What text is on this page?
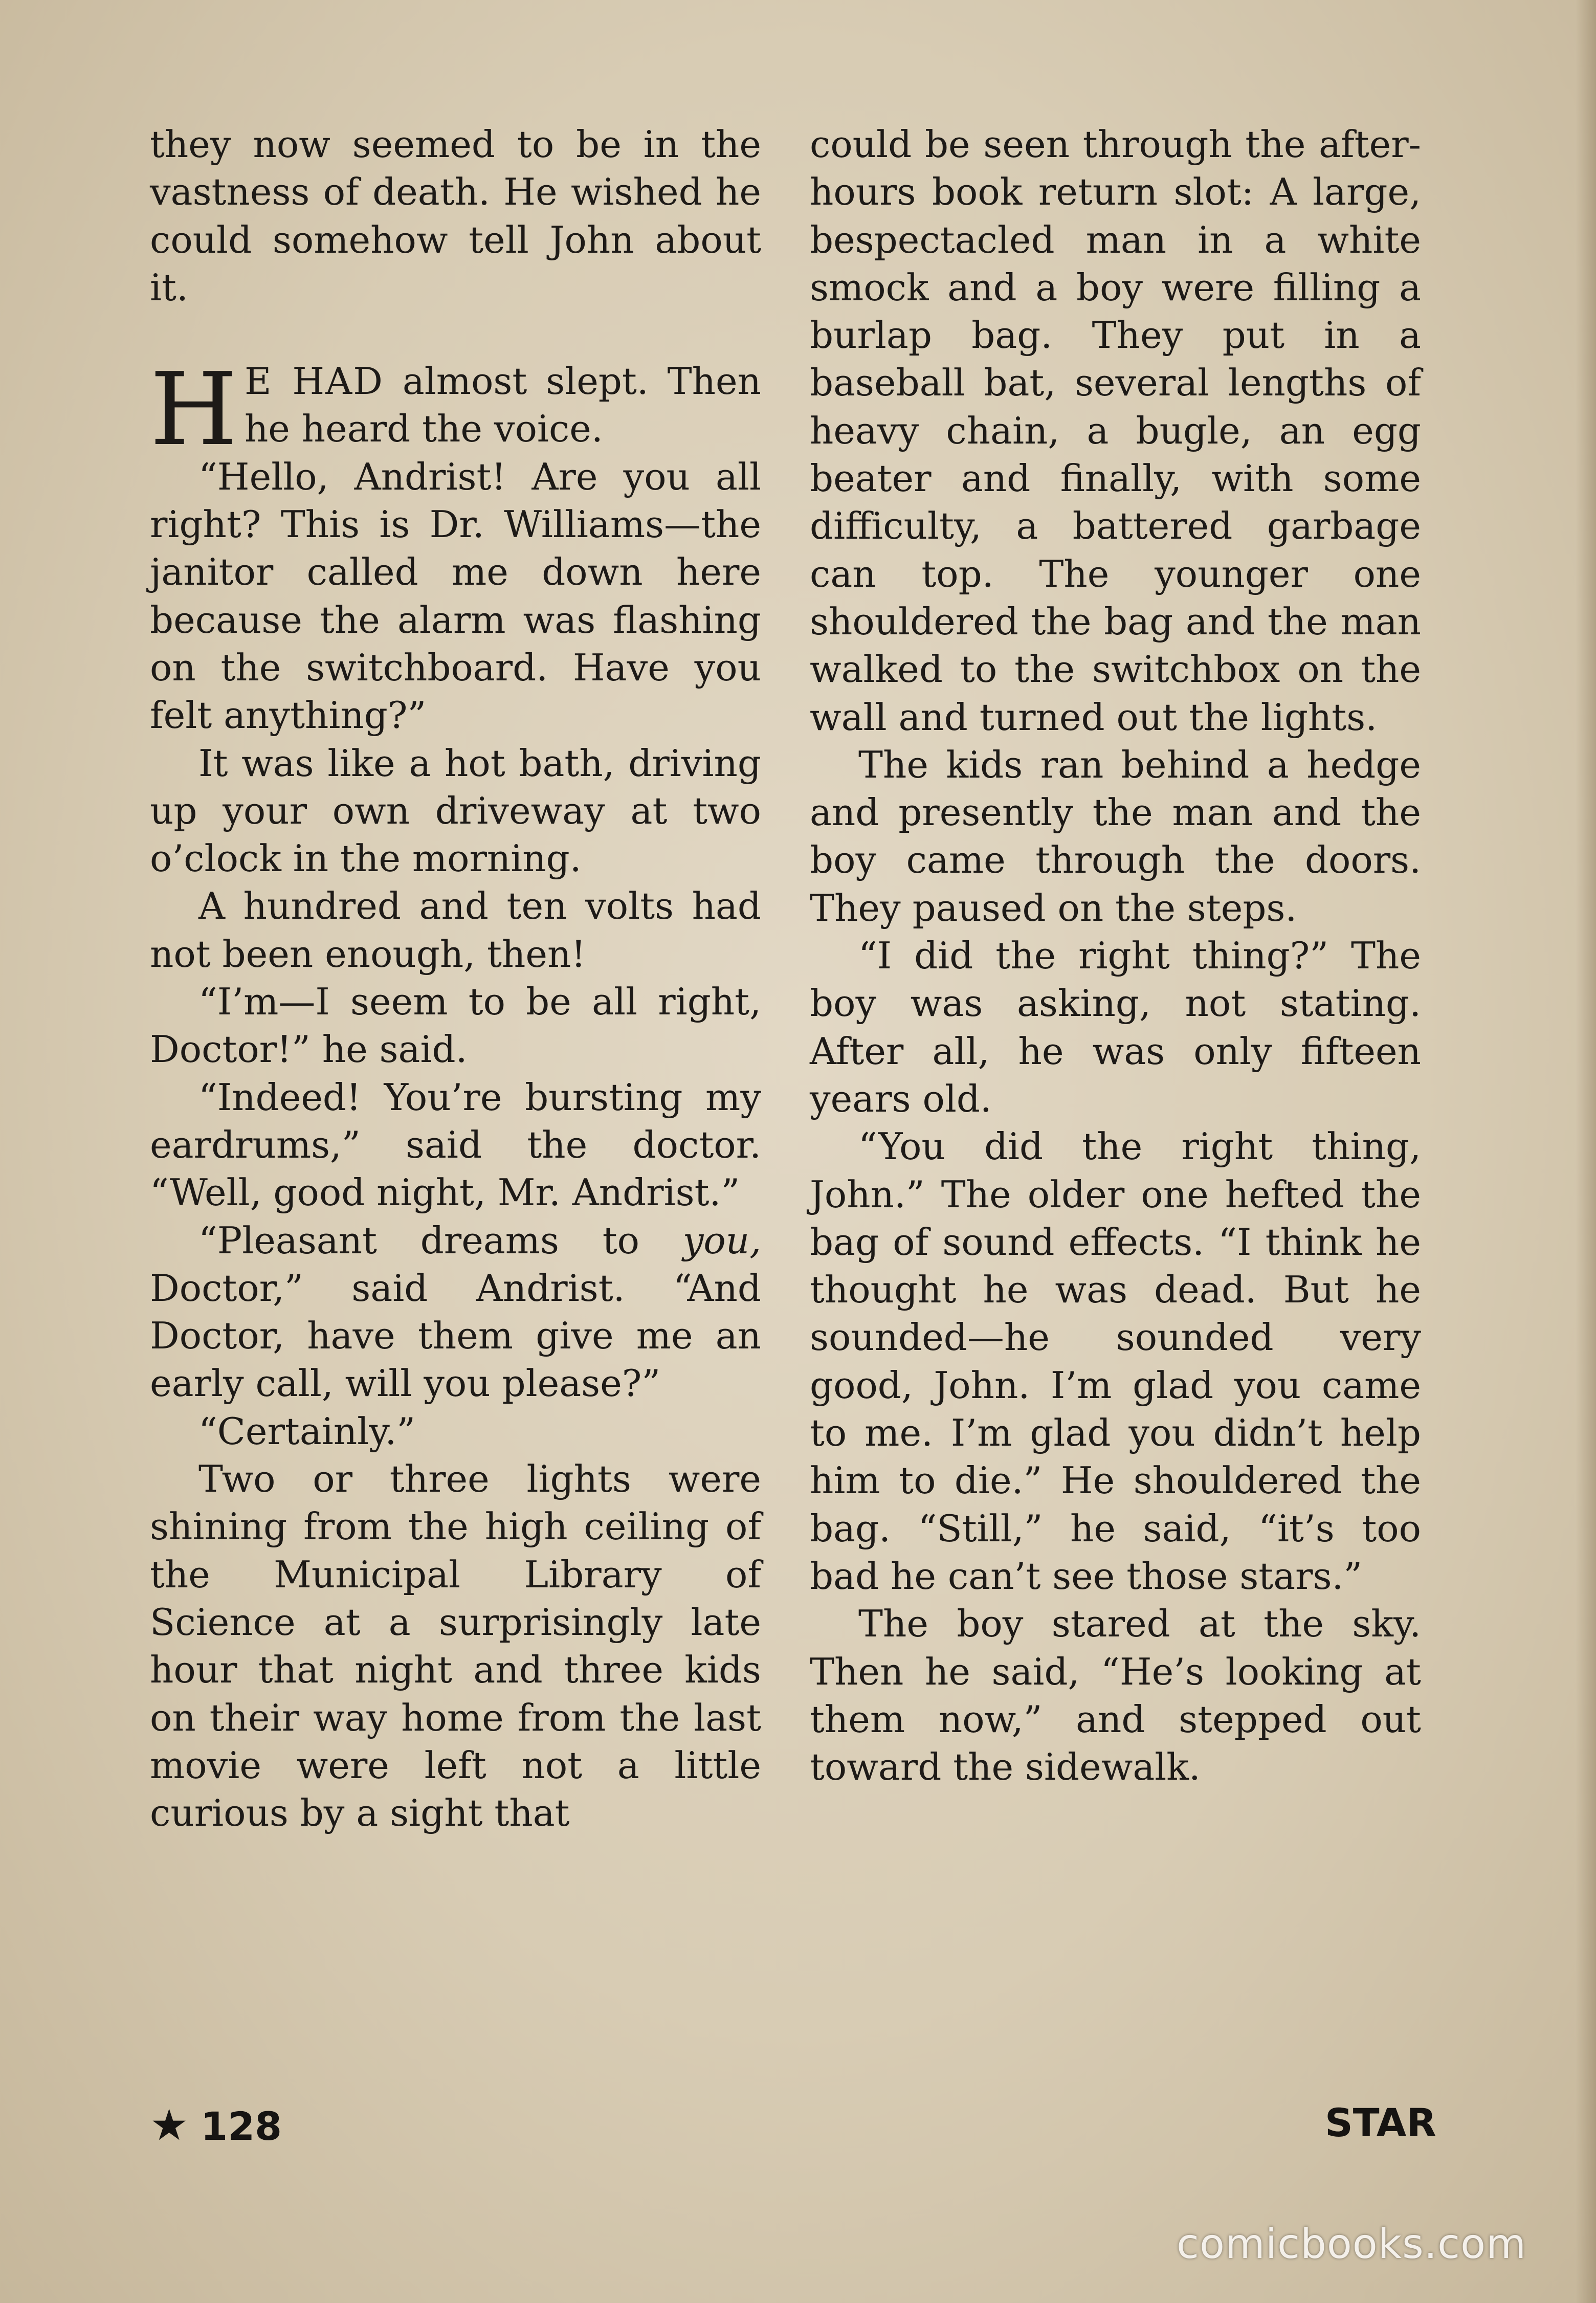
they now seemed to be in the vastness of death. He wished he could somehow tell John about it.

H E HAD almost slept. Then he heard the voice.

“Hello, Andrist! Are you all right? This is Dr. Williams—the janitor called me down here because the alarm was flashing on the switchboard. Have you felt anything?”

It was like a hot bath, driving up your own driveway at two o’clock in the morning.

A hundred and ten volts had not been enough, then!

“I’m—I seem to be all right, Doctor!” he said.

“Indeed! You’re bursting my eardrums,” said the doctor. “Well, good night, Mr. Andrist.”

“Pleasant dreams to you, Doctor,” said Andrist. “And Doctor, have them give me an early call, will you please?”

“Certainly.”

Two or three lights were shining from the high ceiling of the Municipal Library of Science at a surprisingly late hour that night and three kids on their way home from the last movie were left not a little curious by a sight that

could be seen through the after-hours book return slot: A large, bespectacled man in a white smock and a boy were filling a burlap bag. They put in a baseball bat, several lengths of heavy chain, a bugle, an egg beater and finally, with some difficulty, a battered garbage can top. The younger one shouldered the bag and the man walked to the switchbox on the wall and turned out the lights.

The kids ran behind a hedge and presently the man and the boy came through the doors. They paused on the steps.

“I did the right thing?” The boy was asking, not stating. After all, he was only fifteen years old.

“You did the right thing, John.” The older one hefted the bag of sound effects. “I think he thought he was dead. But he sounded—he sounded very good, John. I’m glad you came to me. I’m glad you didn’t help him to die.” He shouldered the bag. “Still,” he said, “it’s too bad he can’t see those stars.”

The boy stared at the sky. Then he said, “He’s looking at them now,” and stepped out toward the sidewalk.

★ 128	STAR
comicbooks.com
